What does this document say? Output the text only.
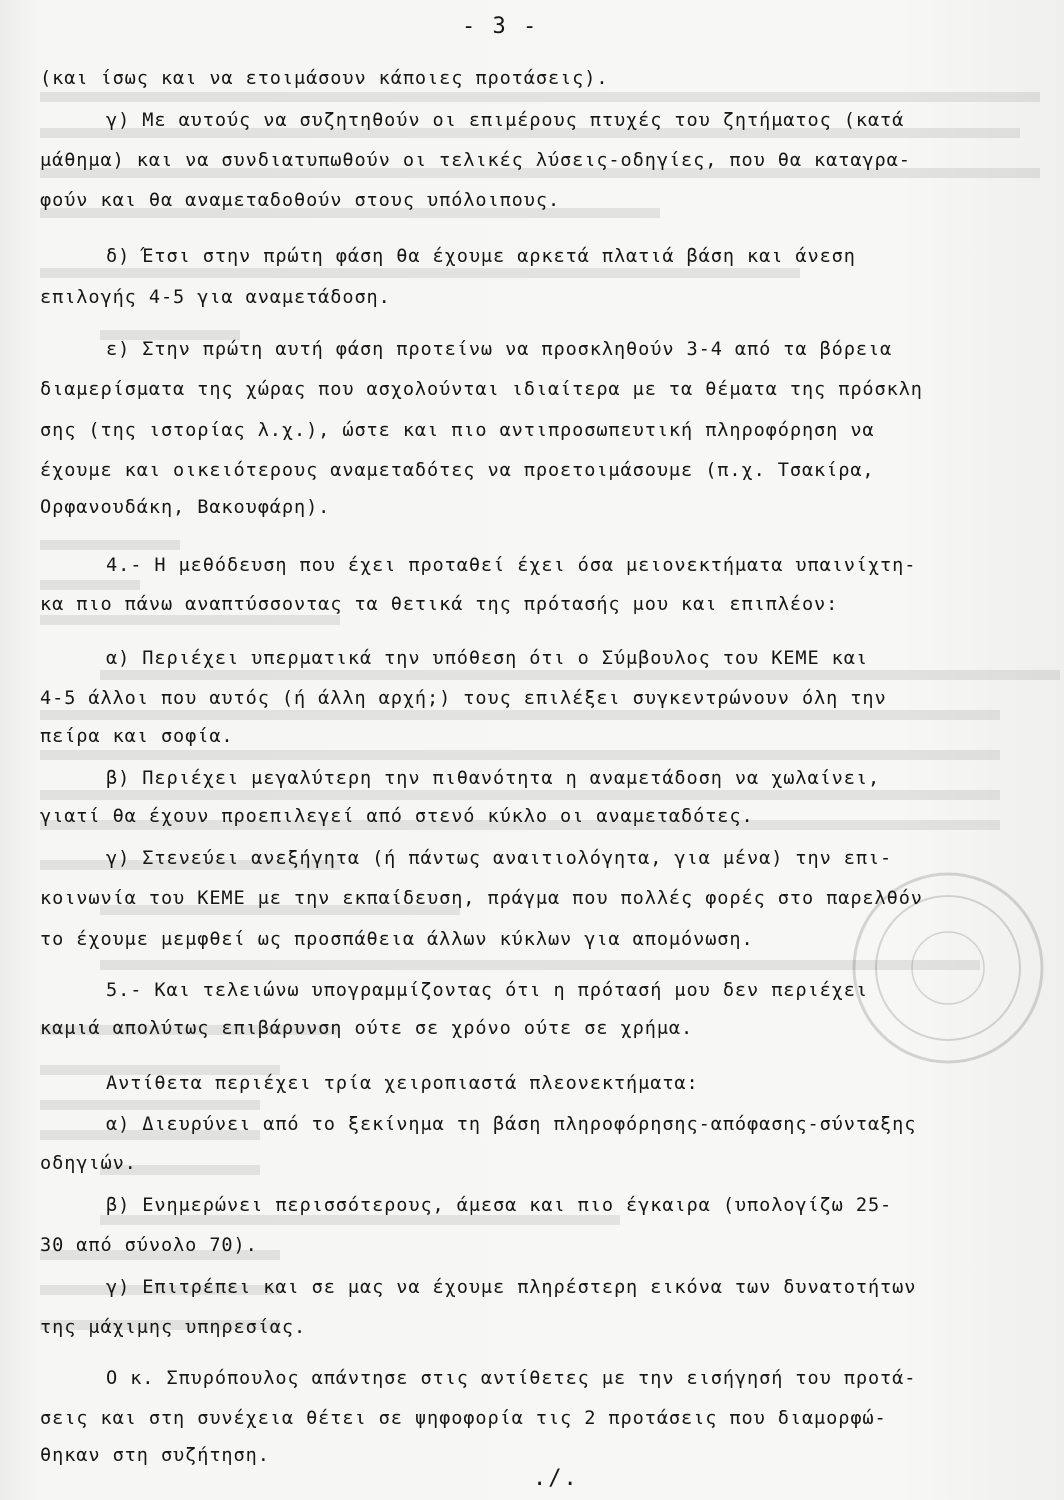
- 3 -
(και ίσως και να ετοιμάσουν κάποιες προτάσεις).
γ) Με αυτούς να συζητηθούν οι επιμέρους πτυχές του ζητήματος (κατά
μάθημα) και να συνδιατυπωθούν οι τελικές λύσεις-οδηγίες, που θα καταγρα-
φούν και θα αναμεταδοθούν στους υπόλοιπους.
δ) Έτσι στην πρώτη φάση θα έχουμε αρκετά πλατιά βάση και άνεση
επιλογής 4-5 για αναμετάδοση.
ε) Στην πρώτη αυτή φάση προτείνω να προσκληθούν 3-4 από τα βόρεια
διαμερίσματα της χώρας που ασχολούνται ιδιαίτερα με τα θέματα της πρόσκλη
σης (της ιστορίας λ.χ.), ώστε και πιο αντιπροσωπευτική πληροφόρηση να
έχουμε και οικειότερους αναμεταδότες να προετοιμάσουμε (π.χ. Τσακίρα,
Ορφανουδάκη, Βακουφάρη).
4.- Η μεθόδευση που έχει προταθεί έχει όσα μειονεκτήματα υπαινίχτη-
κα πιο πάνω αναπτύσσοντας τα θετικά της πρότασής μου και επιπλέον:
α) Περιέχει υπερματικά την υπόθεση ότι ο Σύμβουλος του ΚΕΜΕ και
4-5 άλλοι που αυτός (ή άλλη αρχή;) τους επιλέξει συγκεντρώνουν όλη την
πείρα και σοφία.
β) Περιέχει μεγαλύτερη την πιθανότητα η αναμετάδοση να χωλαίνει,
γιατί θα έχουν προεπιλεγεί από στενό κύκλο οι αναμεταδότες.
γ) Στενεύει ανεξήγητα (ή πάντως αναιτιολόγητα, για μένα) την επι-
κοινωνία του ΚΕΜΕ με την εκπαίδευση, πράγμα που πολλές φορές στο παρελθόν
το έχουμε μεμφθεί ως προσπάθεια άλλων κύκλων για απομόνωση.
5.- Και τελειώνω υπογραμμίζοντας ότι η πρότασή μου δεν περιέχει
καμιά απολύτως επιβάρυνση ούτε σε χρόνο ούτε σε χρήμα.
Αντίθετα περιέχει τρία χειροπιαστά πλεονεκτήματα:
α) Διευρύνει από το ξεκίνημα τη βάση πληροφόρησης-απόφασης-σύνταξης
οδηγιών.
β) Ενημερώνει περισσότερους, άμεσα και πιο έγκαιρα (υπολογίζω 25-
30 από σύνολο 70).
γ) Επιτρέπει και σε μας να έχουμε πληρέστερη εικόνα των δυνατοτήτων
της μάχιμης υπηρεσίας.
Ο κ. Σπυρόπουλος απάντησε στις αντίθετες με την εισήγησή του προτά-
σεις και στη συνέχεια θέτει σε ψηφοφορία τις 2 προτάσεις που διαμορφώ-
θηκαν στη συζήτηση.
./.
